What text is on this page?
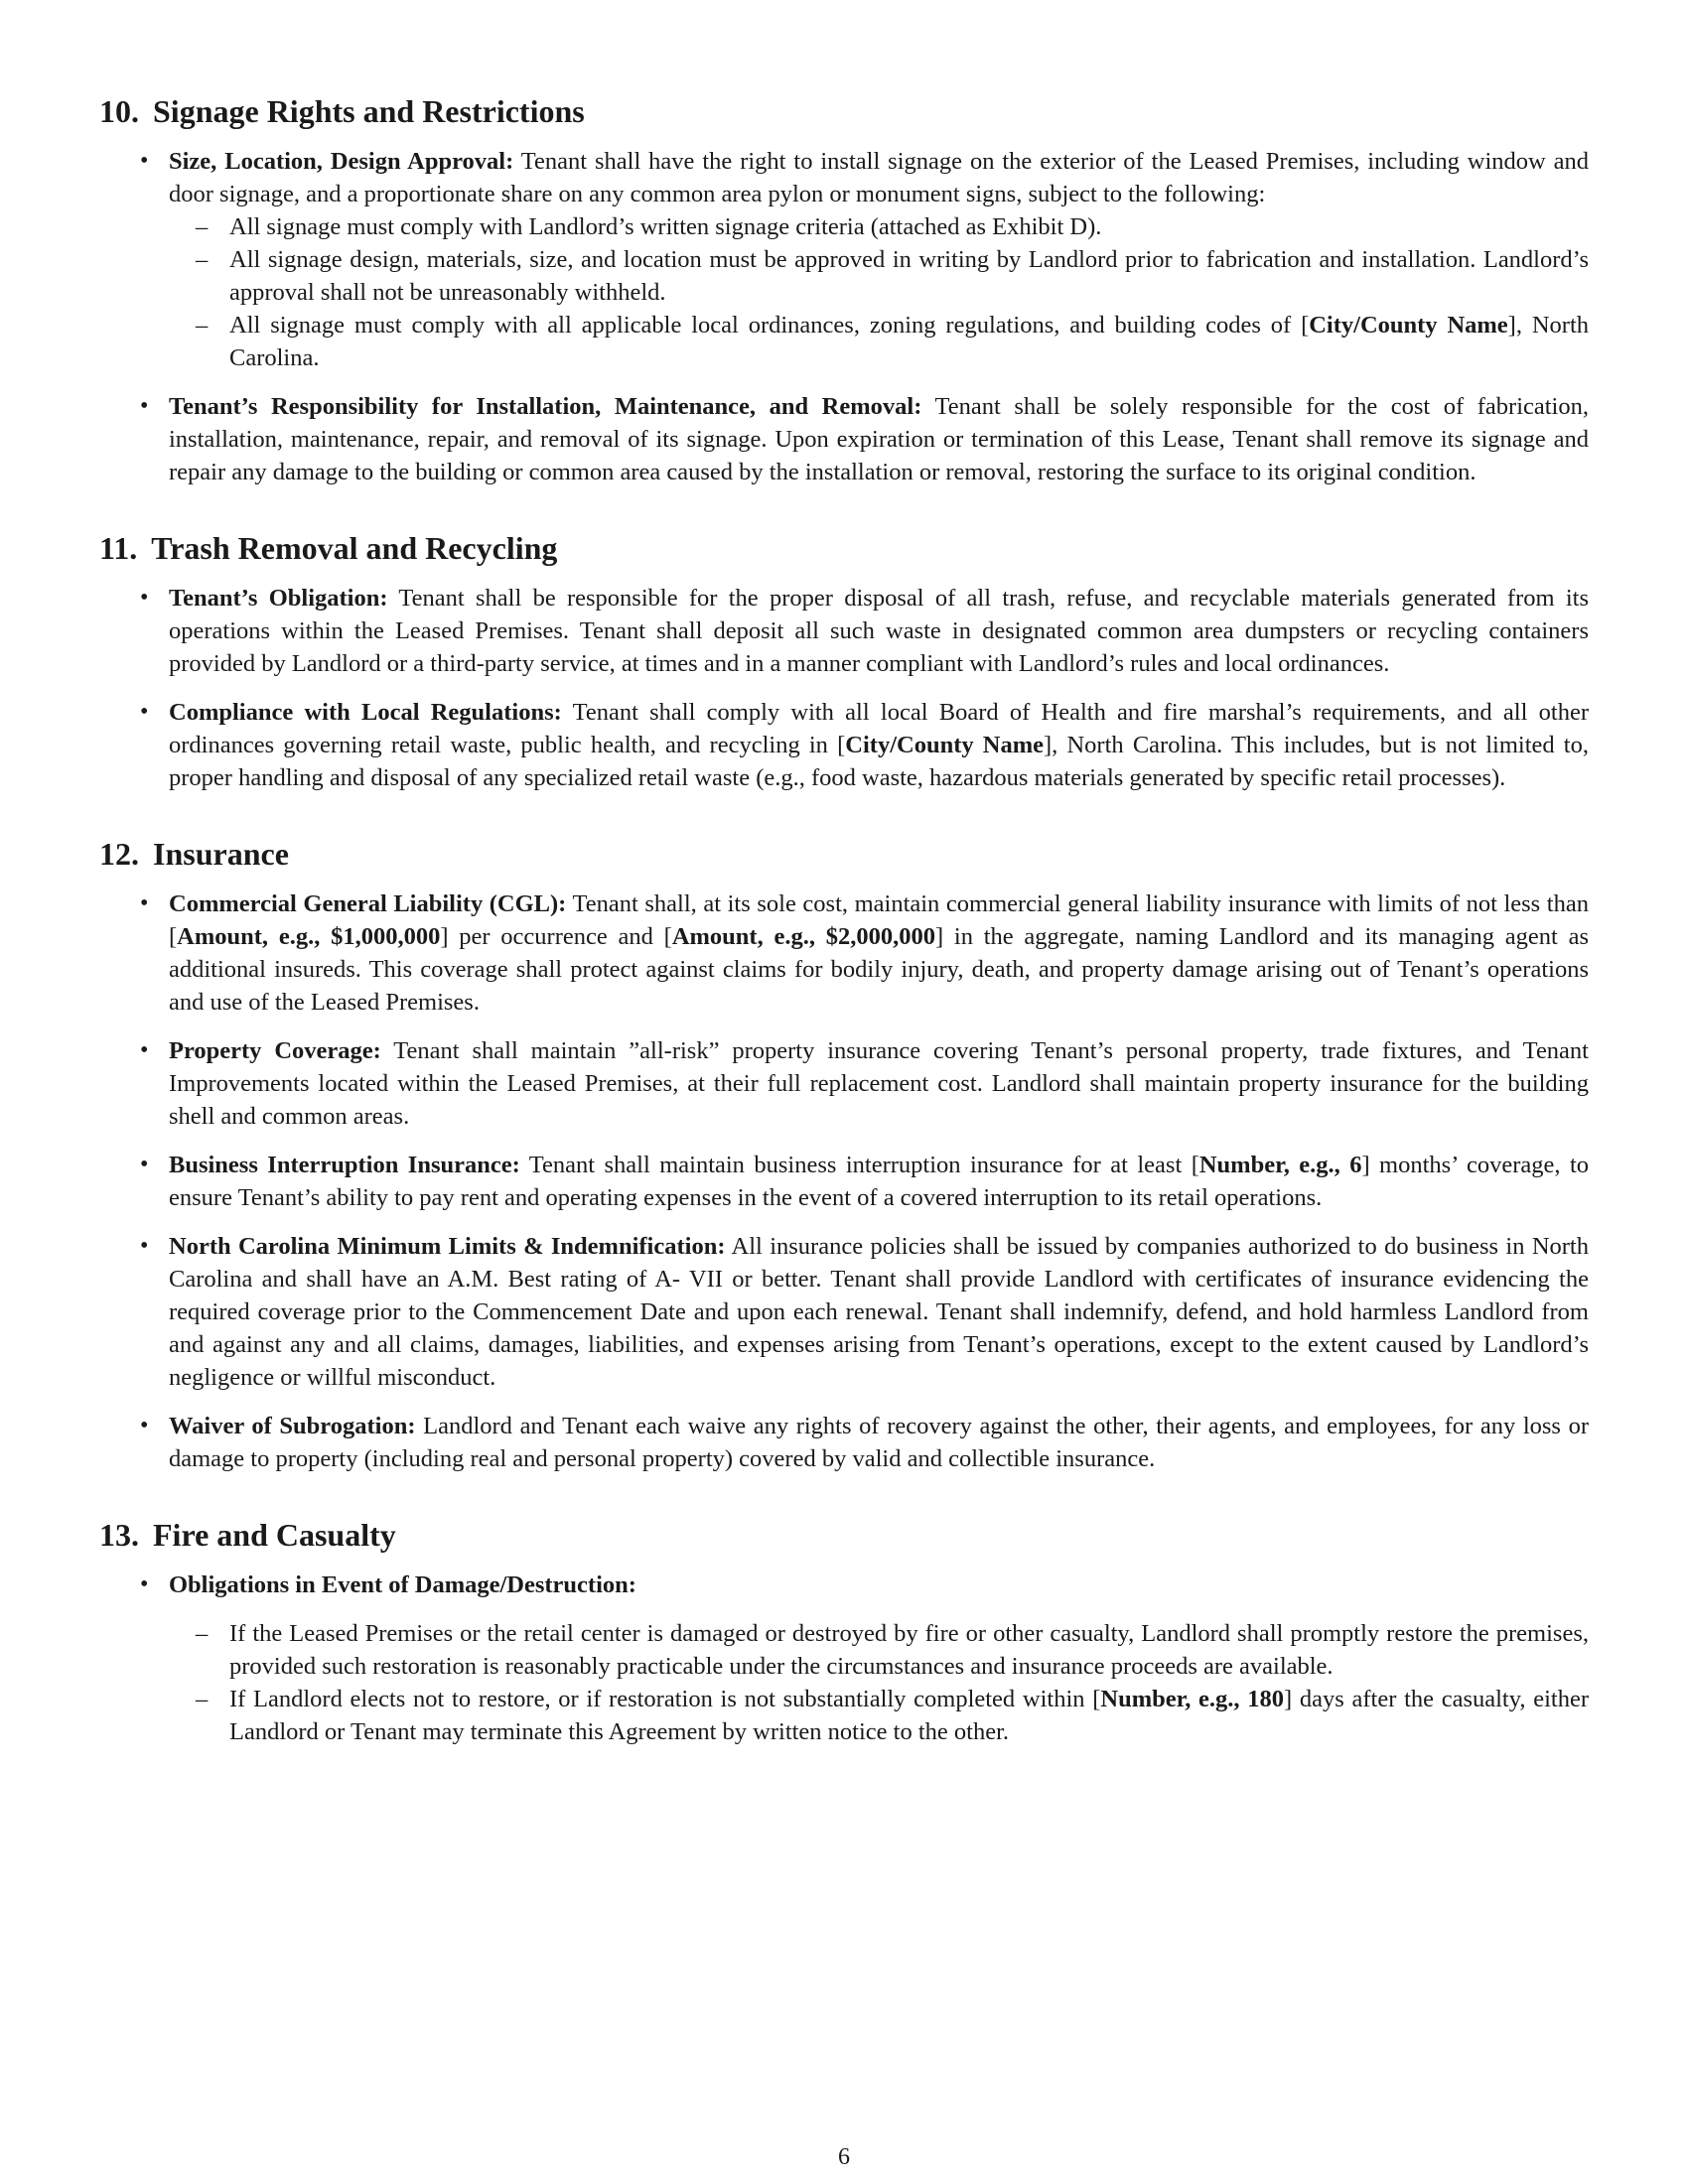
10. Signage Rights and Restrictions
• Size, Location, Design Approval: Tenant shall have the right to install signage on the exterior of the Leased Premises, including window and door signage, and a proportionate share on any common area pylon or monument signs, subject to the following:
– All signage must comply with Landlord’s written signage criteria (attached as Exhibit D).
– All signage design, materials, size, and location must be approved in writing by Landlord prior to fabrication and installation. Landlord’s approval shall not be unreasonably withheld.
– All signage must comply with all applicable local ordinances, zoning regulations, and building codes of [City/County Name], North Carolina.
• Tenant’s Responsibility for Installation, Maintenance, and Removal: Tenant shall be solely responsible for the cost of fabrication, installation, maintenance, repair, and removal of its signage. Upon expiration or termination of this Lease, Tenant shall remove its signage and repair any damage to the building or common area caused by the installation or removal, restoring the surface to its original condition.
11. Trash Removal and Recycling
• Tenant’s Obligation: Tenant shall be responsible for the proper disposal of all trash, refuse, and recyclable materials generated from its operations within the Leased Premises. Tenant shall deposit all such waste in designated common area dumpsters or recycling containers provided by Landlord or a third-party service, at times and in a manner compliant with Landlord’s rules and local ordinances.
• Compliance with Local Regulations: Tenant shall comply with all local Board of Health and fire marshal’s requirements, and all other ordinances governing retail waste, public health, and recycling in [City/County Name], North Carolina. This includes, but is not limited to, proper handling and disposal of any specialized retail waste (e.g., food waste, hazardous materials generated by specific retail processes).
12. Insurance
• Commercial General Liability (CGL): Tenant shall, at its sole cost, maintain commercial general liability insurance with limits of not less than [Amount, e.g., $1,000,000] per occurrence and [Amount, e.g., $2,000,000] in the aggregate, naming Landlord and its managing agent as additional insureds. This coverage shall protect against claims for bodily injury, death, and property damage arising out of Tenant’s operations and use of the Leased Premises.
• Property Coverage: Tenant shall maintain ”all-risk” property insurance covering Tenant’s personal property, trade fixtures, and Tenant Improvements located within the Leased Premises, at their full replacement cost. Landlord shall maintain property insurance for the building shell and common areas.
• Business Interruption Insurance: Tenant shall maintain business interruption insurance for at least [Number, e.g., 6] months’ coverage, to ensure Tenant’s ability to pay rent and operating expenses in the event of a covered interruption to its retail operations.
• North Carolina Minimum Limits & Indemnification: All insurance policies shall be issued by companies authorized to do business in North Carolina and shall have an A.M. Best rating of A- VII or better. Tenant shall provide Landlord with certificates of insurance evidencing the required coverage prior to the Commencement Date and upon each renewal. Tenant shall indemnify, defend, and hold harmless Landlord from and against any and all claims, damages, liabilities, and expenses arising from Tenant’s operations, except to the extent caused by Landlord’s negligence or willful misconduct.
• Waiver of Subrogation: Landlord and Tenant each waive any rights of recovery against the other, their agents, and employees, for any loss or damage to property (including real and personal property) covered by valid and collectible insurance.
13. Fire and Casualty
• Obligations in Event of Damage/Destruction:
– If the Leased Premises or the retail center is damaged or destroyed by fire or other casualty, Landlord shall promptly restore the premises, provided such restoration is reasonably practicable under the circumstances and insurance proceeds are available.
– If Landlord elects not to restore, or if restoration is not substantially completed within [Number, e.g., 180] days after the casualty, either Landlord or Tenant may terminate this Agreement by written notice to the other.
6
